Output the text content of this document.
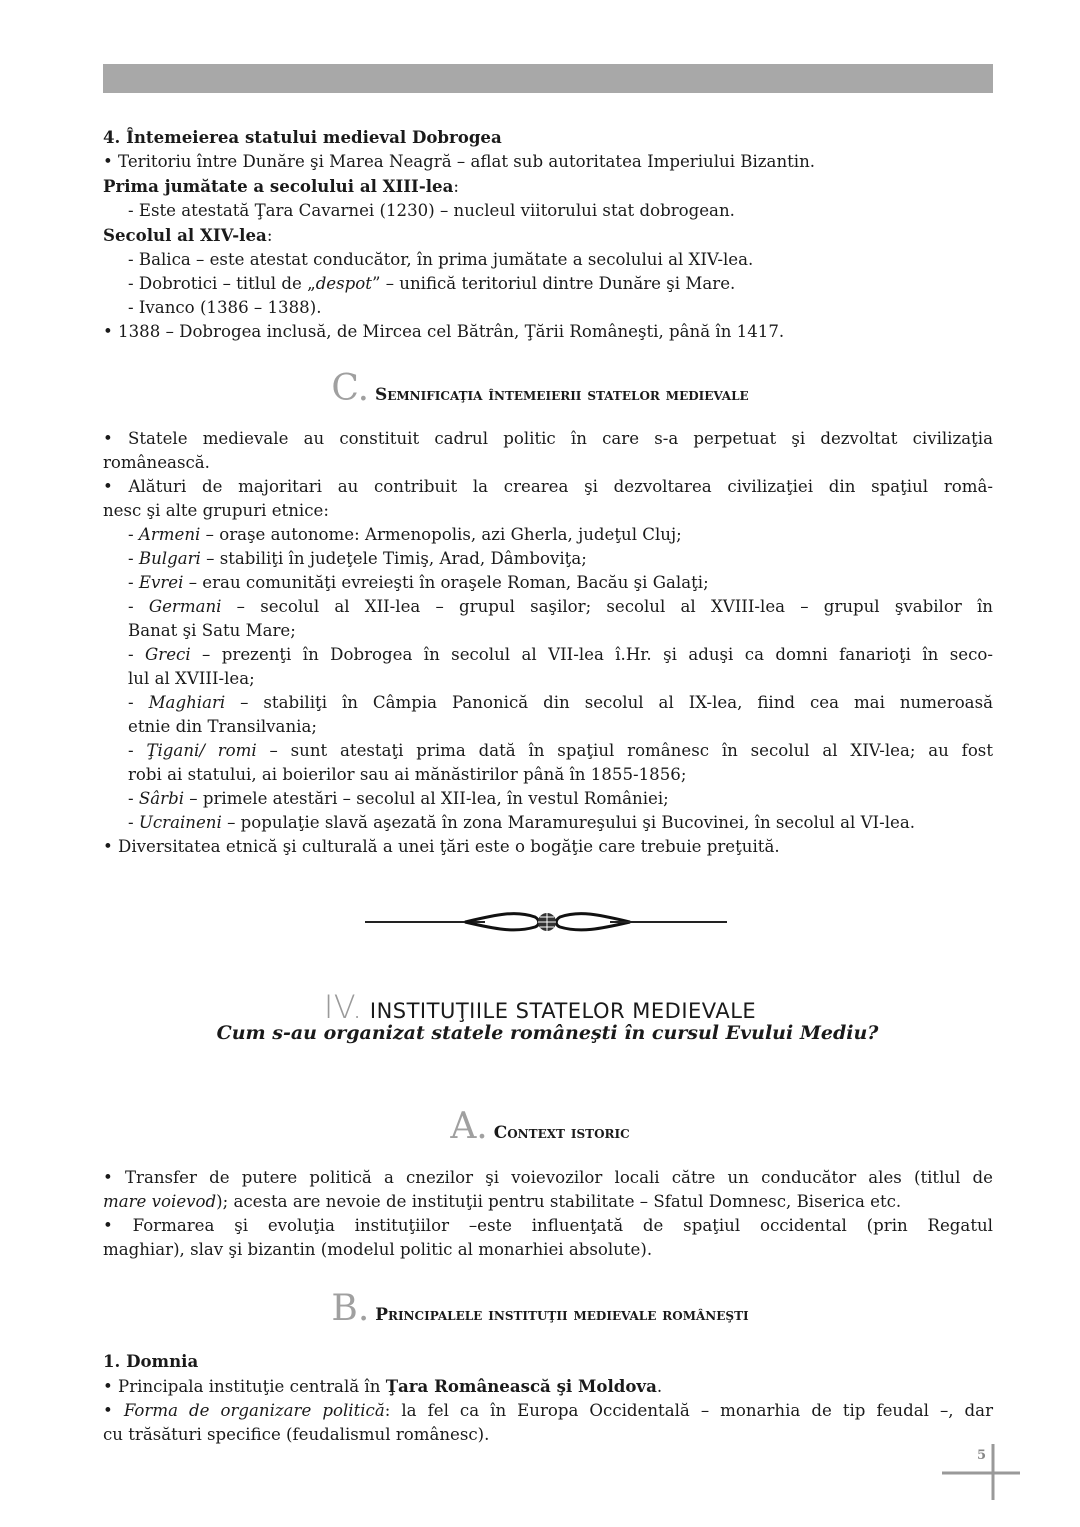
4. Întemeierea statului medieval Dobrogea
• Teritoriu între Dunăre şi Marea Neagră – aflat sub autoritatea Imperiului Bizantin.
Prima jumătate a secolului al XIII-lea:
- Este atestată Ţara Cavarnei (1230) – nucleul viitorului stat dobrogean.
Secolul al XIV-lea:
- Balica – este atestat conducător, în prima jumătate a secolului al XIV-lea.
- Dobrotici – titlul de „despot” – unifică teritoriul dintre Dunăre şi Mare.
- Ivanco (1386 – 1388).
• 1388 – Dobrogea inclusă, de Mircea cel Bătrân, Ţării Româneşti, până în 1417.
C. Semnificaţia întemeierii statelor medievale
• Statele medievale au constituit cadrul politic în care s-a perpetuat şi dezvoltat civilizaţia
românească.
• Alături de majoritari au contribuit la crearea şi dezvoltarea civilizaţiei din spaţiul româ-
nesc şi alte grupuri etnice:
- Armeni – oraşe autonome: Armenopolis, azi Gherla, judeţul Cluj;
- Bulgari – stabiliţi în judeţele Timiş, Arad, Dâmboviţa;
- Evrei – erau comunităţi evreieşti în oraşele Roman, Bacău şi Galaţi;
- Germani – secolul al XII-lea – grupul saşilor; secolul al XVIII-lea – grupul şvabilor în
Banat şi Satu Mare;
- Greci – prezenţi în Dobrogea în secolul al VII-lea î.Hr. şi aduşi ca domni fanarioţi în seco-
lul al XVIII-lea;
- Maghiari – stabiliţi în Câmpia Panonică din secolul al IX-lea, fiind cea mai numeroasă
etnie din Transilvania;
- Ţigani/ romi – sunt atestaţi prima dată în spaţiul românesc în secolul al XIV-lea; au fost
robi ai statului, ai boierilor sau ai mănăstirilor până în 1855-1856;
- Sârbi – primele atestări – secolul al XII-lea, în vestul României;
- Ucraineni – populaţie slavă aşezată în zona Maramureşului şi Bucovinei, în secolul al VI-lea.
• Diversitatea etnică şi culturală a unei ţări este o bogăţie care trebuie preţuită.
IV. INSTITUŢIILE STATELOR MEDIEVALE
Cum s-au organizat statele româneşti în cursul Evului Mediu?
A. Context istoric
• Transfer de putere politică a cnezilor şi voievozilor locali către un conducător ales (titlul de
mare voievod); acesta are nevoie de instituţii pentru stabilitate – Sfatul Domnesc, Biserica etc.
• Formarea şi evoluţia instituţiilor –este influenţată de spaţiul occidental (prin Regatul
maghiar), slav şi bizantin (modelul politic al monarhiei absolute).
B. Principalele instituţii medievale româneşti
1. Domnia
• Principala instituţie centrală în Ţara Românească şi Moldova.
• Forma de organizare politică: la fel ca în Europa Occidentală – monarhia de tip feudal –, dar
cu trăsături specifice (feudalismul românesc).
5
